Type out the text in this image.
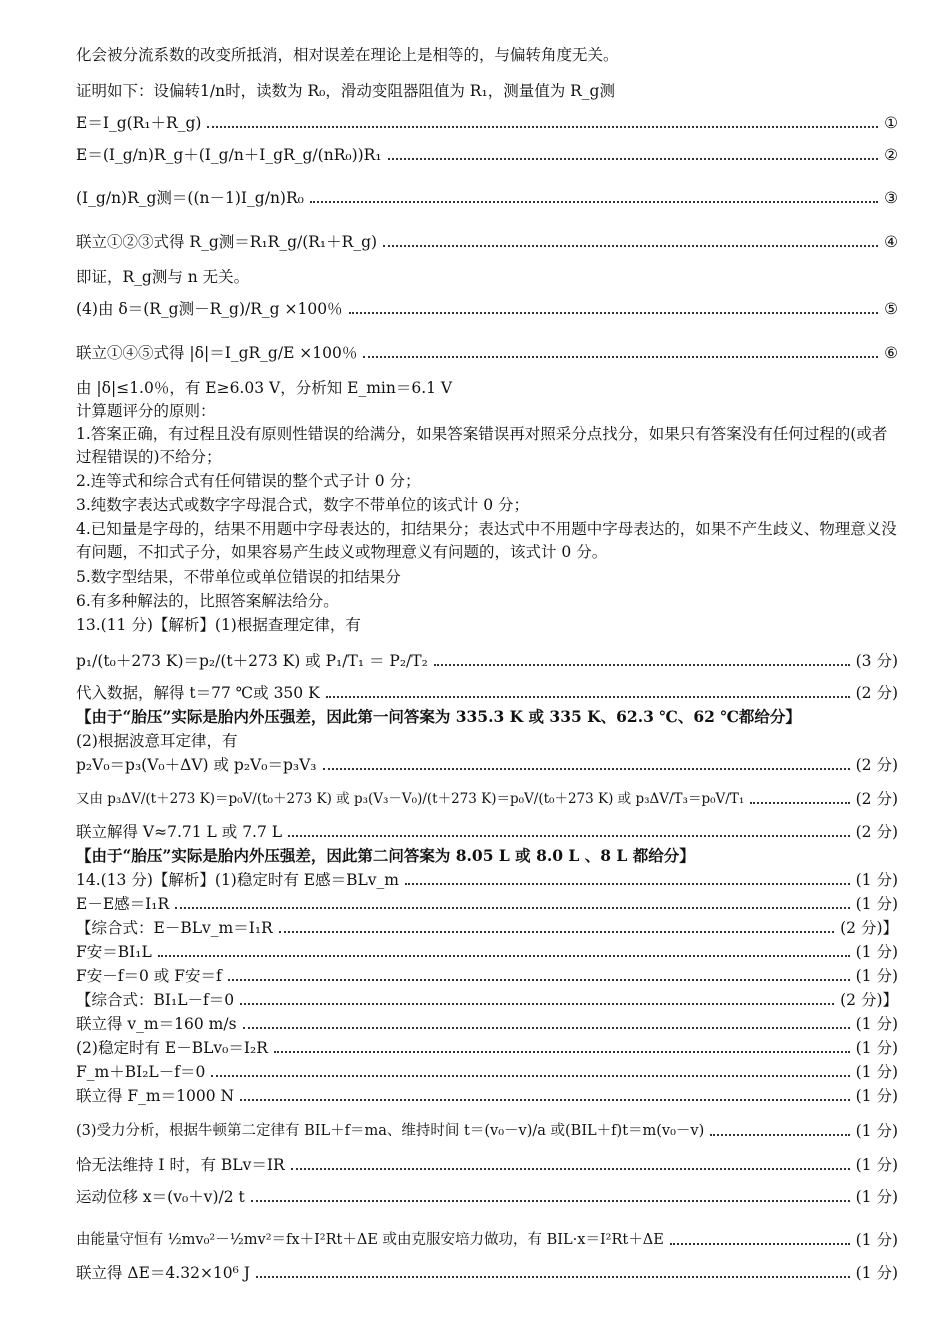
化会被分流系数的改变所抵消，相对误差在理论上是相等的，与偏转角度无关。
证明如下：设偏转1/n时，读数为 R₀，滑动变阻器阻值为 R₁，测量值为 R_g测
E＝I_g(R₁＋R_g)	①
E＝(I_g/n)R_g＋(I_g/n＋I_gR_g/(nR₀))R₁	②
(I_g/n)R_g测＝((n－1)I_g/n)R₀	③
联立①②③式得 R_g测＝R₁R_g/(R₁＋R_g)	④
即证，R_g测与 n 无关。
(4)由 δ＝(R_g测－R_g)/R_g ×100％	⑤
联立①④⑤式得 |δ|＝I_gR_g/E ×100％	⑥
由 |δ|≤1.0％，有 E≥6.03 V，分析知 E_min＝6.1 V
计算题评分的原则：
1.答案正确，有过程且没有原则性错误的给满分，如果答案错误再对照采分点找分，如果只有答案没有任何过程的(或者过程错误的)不给分；
2.连等式和综合式有任何错误的整个式子计 0 分；
3.纯数字表达式或数字字母混合式，数字不带单位的该式计 0 分；
4.已知量是字母的，结果不用题中字母表达的，扣结果分；表达式中不用题中字母表达的，如果不产生歧义、物理意义没有问题，不扣式子分，如果容易产生歧义或物理意义有问题的，该式计 0 分。
5.数字型结果，不带单位或单位错误的扣结果分
6.有多种解法的，比照答案解法给分。
13.(11 分)【解析】(1)根据查理定律，有
p₁/(t₀＋273 K)＝p₂/(t＋273 K) 或 P₁/T₁ ＝ P₂/T₂	(3 分)
代入数据，解得 t＝77 ℃或 350 K	(2 分)
【由于“胎压”实际是胎内外压强差，因此第一问答案为 335.3 K 或 335 K、62.3 ℃、62 ℃都给分】
(2)根据波意耳定律，有
p₂V₀＝p₃(V₀＋ΔV) 或 p₂V₀＝p₃V₃	(2 分)
又由 p₃ΔV/(t＋273 K)＝p₀V/(t₀＋273 K) 或 p₃(V₃－V₀)/(t＋273 K)＝p₀V/(t₀＋273 K) 或 p₃ΔV/T₃＝p₀V/T₁	(2 分)
联立解得 V≈7.71 L 或 7.7 L	(2 分)
【由于“胎压”实际是胎内外压强差，因此第二问答案为 8.05 L 或 8.0 L 、8 L 都给分】
14.(13 分)【解析】(1)稳定时有 E感＝BLv_m	(1 分)
E－E感＝I₁R	(1 分)
【综合式：E－BLv_m＝I₁R	(2 分)】
F安＝BI₁L	(1 分)
F安－f＝0 或 F安＝f	(1 分)
【综合式：BI₁L－f＝0	(2 分)】
联立得 v_m＝160 m/s	(1 分)
(2)稳定时有 E－BLv₀＝I₂R	(1 分)
F_m＋BI₂L－f＝0	(1 分)
联立得 F_m＝1000 N	(1 分)
(3)受力分析，根据牛顿第二定律有 BIL＋f＝ma、维持时间 t＝(v₀－v)/a 或(BIL＋f)t＝m(v₀－v)	(1 分)
恰无法维持 I 时，有 BLv＝IR	(1 分)
运动位移 x＝(v₀＋v)/2 t	(1 分)
由能量守恒有 ½mv₀²－½mv²＝fx＋I²Rt＋ΔE 或由克服安培力做功，有 BIL·x＝I²Rt＋ΔE	(1 分)
联立得 ΔE＝4.32×10⁶ J	(1 分)
